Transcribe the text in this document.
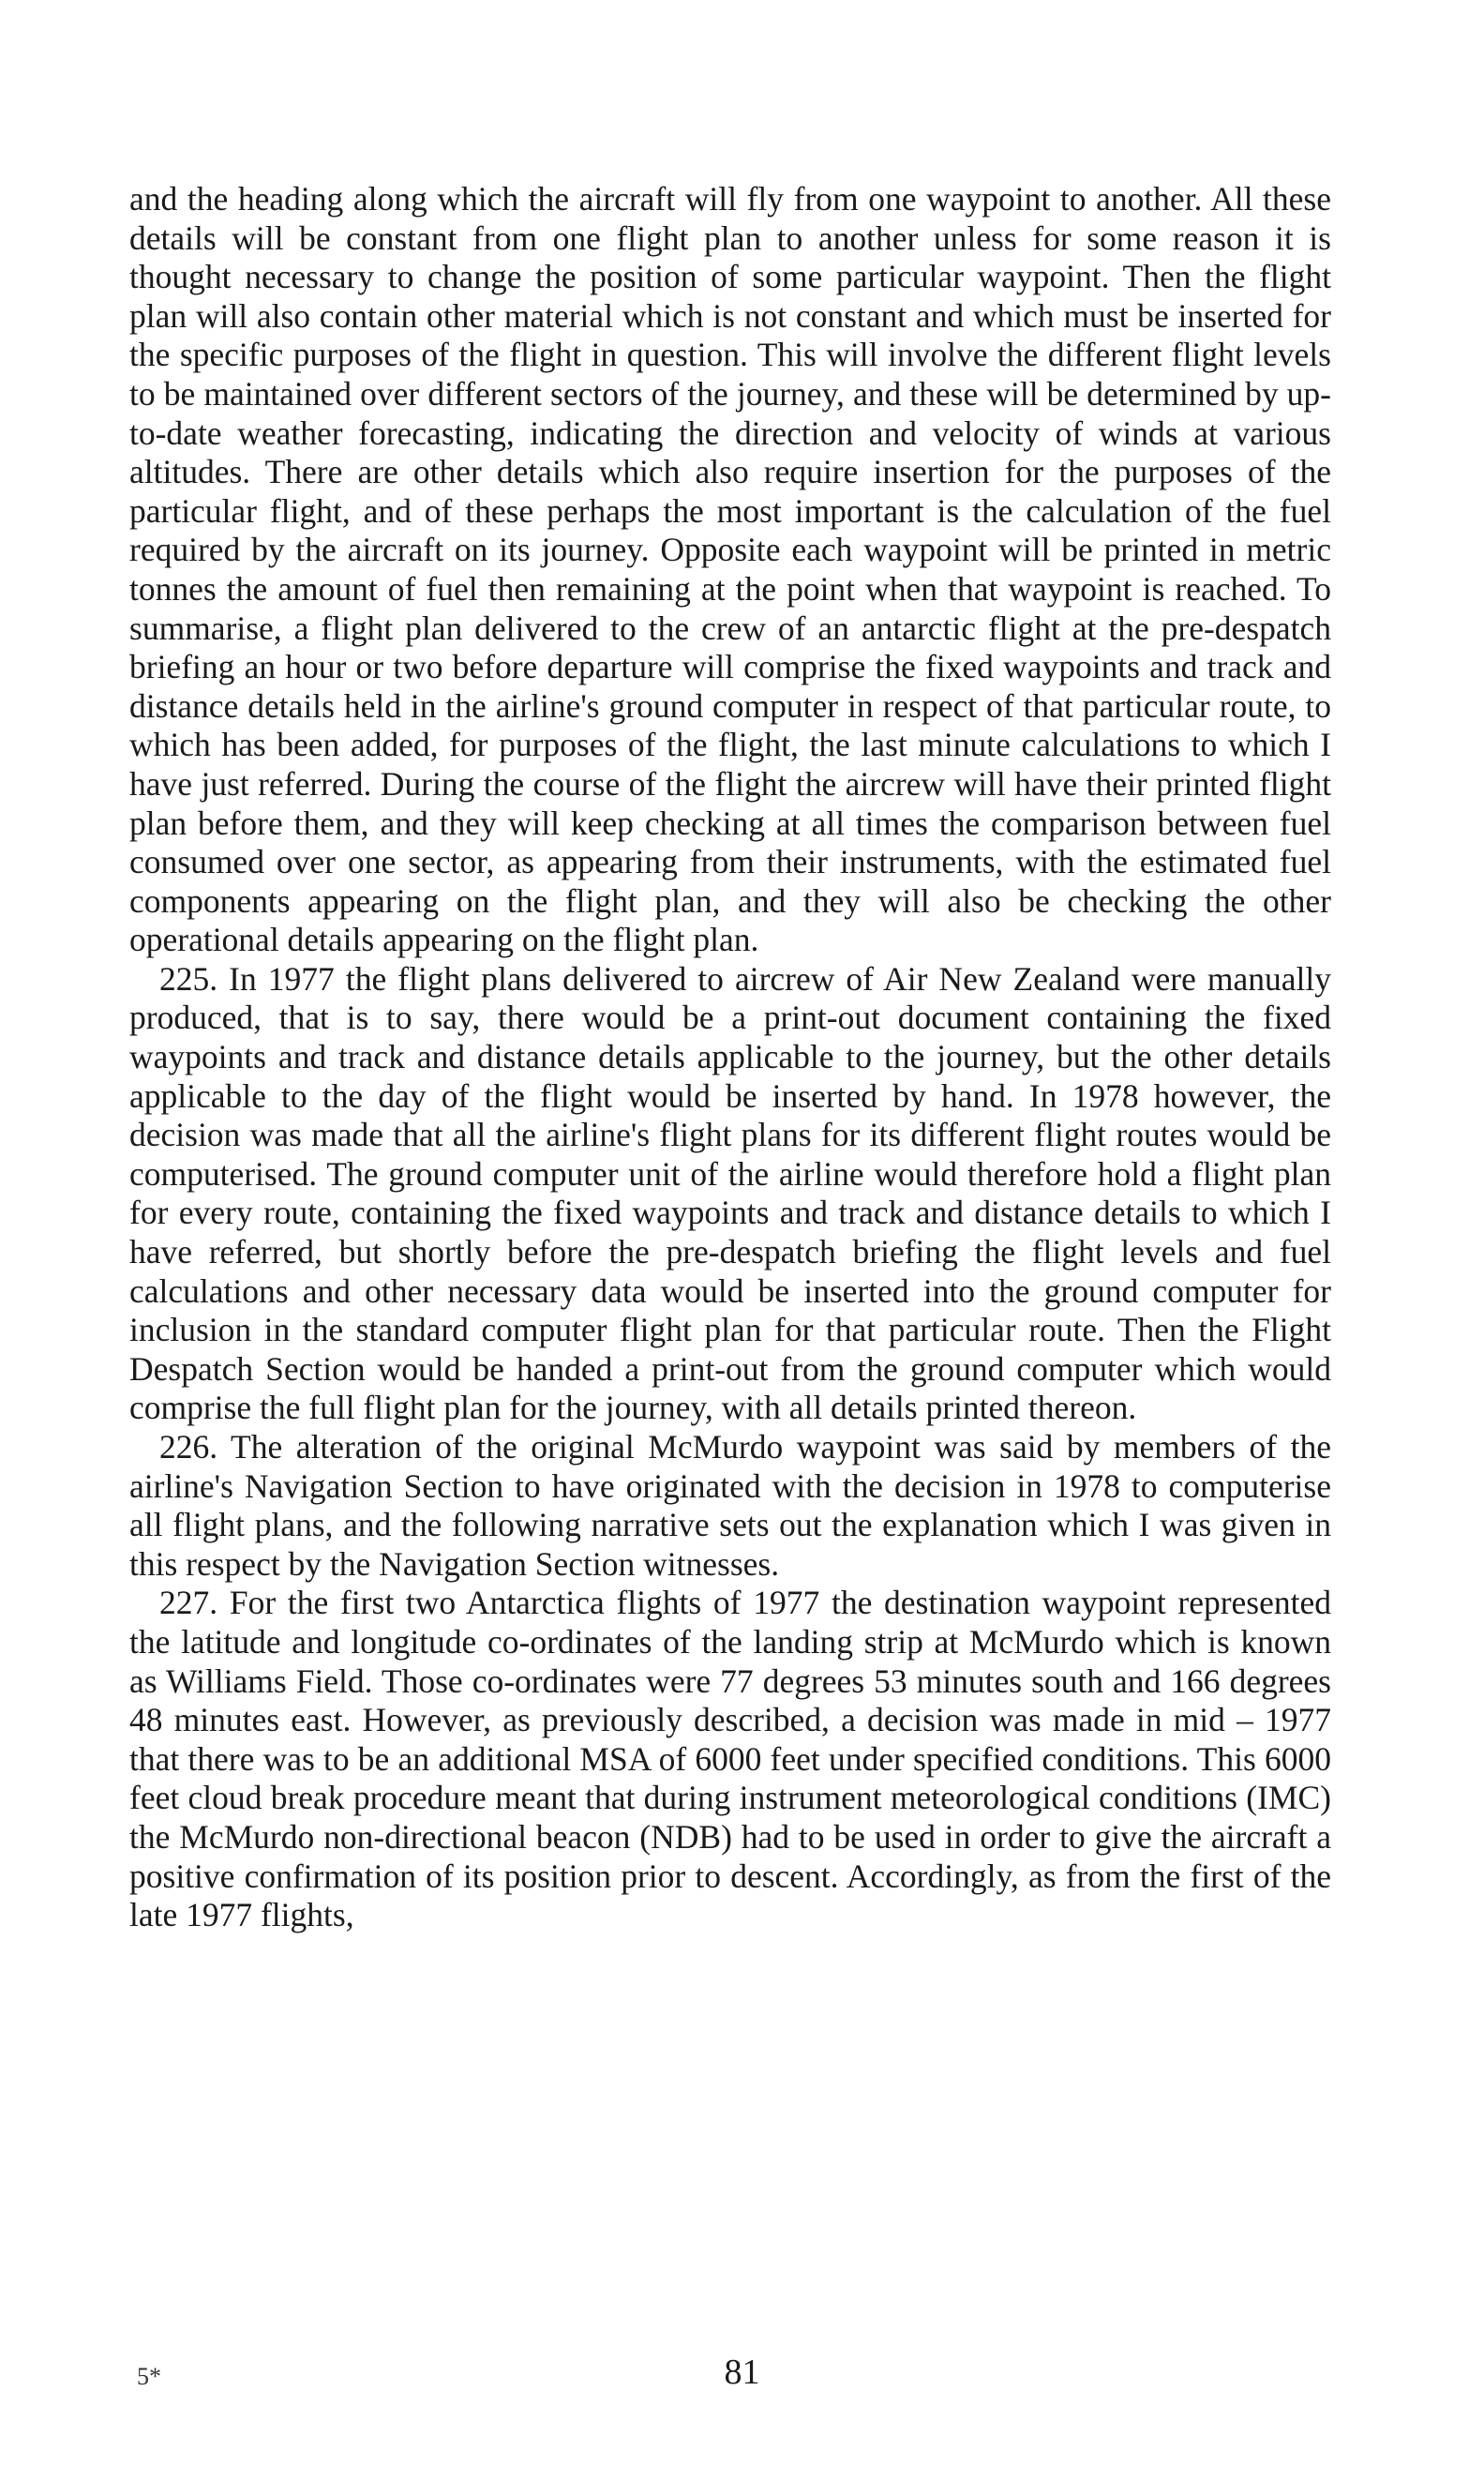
and the heading along which the aircraft will fly from one waypoint to another. All these details will be constant from one flight plan to another unless for some reason it is thought necessary to change the position of some particular waypoint. Then the flight plan will also contain other material which is not constant and which must be inserted for the specific purposes of the flight in question. This will involve the different flight levels to be maintained over different sectors of the journey, and these will be determined by up-to-date weather forecasting, indicating the direction and velocity of winds at various altitudes. There are other details which also require insertion for the purposes of the particular flight, and of these perhaps the most important is the calculation of the fuel required by the aircraft on its journey. Opposite each waypoint will be printed in metric tonnes the amount of fuel then remaining at the point when that waypoint is reached. To summarise, a flight plan delivered to the crew of an antarctic flight at the pre-despatch briefing an hour or two before departure will comprise the fixed waypoints and track and distance details held in the airline's ground computer in respect of that particular route, to which has been added, for purposes of the flight, the last minute calculations to which I have just referred. During the course of the flight the aircrew will have their printed flight plan before them, and they will keep checking at all times the comparison between fuel consumed over one sector, as appearing from their instruments, with the estimated fuel components appearing on the flight plan, and they will also be checking the other operational details appearing on the flight plan.

225. In 1977 the flight plans delivered to aircrew of Air New Zealand were manually produced, that is to say, there would be a print-out document containing the fixed waypoints and track and distance details applicable to the journey, but the other details applicable to the day of the flight would be inserted by hand. In 1978 however, the decision was made that all the airline's flight plans for its different flight routes would be computerised. The ground computer unit of the airline would therefore hold a flight plan for every route, containing the fixed waypoints and track and distance details to which I have referred, but shortly before the pre-despatch briefing the flight levels and fuel calculations and other necessary data would be inserted into the ground computer for inclusion in the standard computer flight plan for that particular route. Then the Flight Despatch Section would be handed a print-out from the ground computer which would comprise the full flight plan for the journey, with all details printed thereon.

226. The alteration of the original McMurdo waypoint was said by members of the airline's Navigation Section to have originated with the decision in 1978 to computerise all flight plans, and the following narrative sets out the explanation which I was given in this respect by the Navigation Section witnesses.

227. For the first two Antarctica flights of 1977 the destination waypoint represented the latitude and longitude co-ordinates of the landing strip at McMurdo which is known as Williams Field. Those co-ordinates were 77 degrees 53 minutes south and 166 degrees 48 minutes east. However, as previously described, a decision was made in mid – 1977 that there was to be an additional MSA of 6000 feet under specified conditions. This 6000 feet cloud break procedure meant that during instrument meteorological conditions (IMC) the McMurdo non-directional beacon (NDB) had to be used in order to give the aircraft a positive confirmation of its position prior to descent. Accordingly, as from the first of the late 1977 flights,

5*	81
